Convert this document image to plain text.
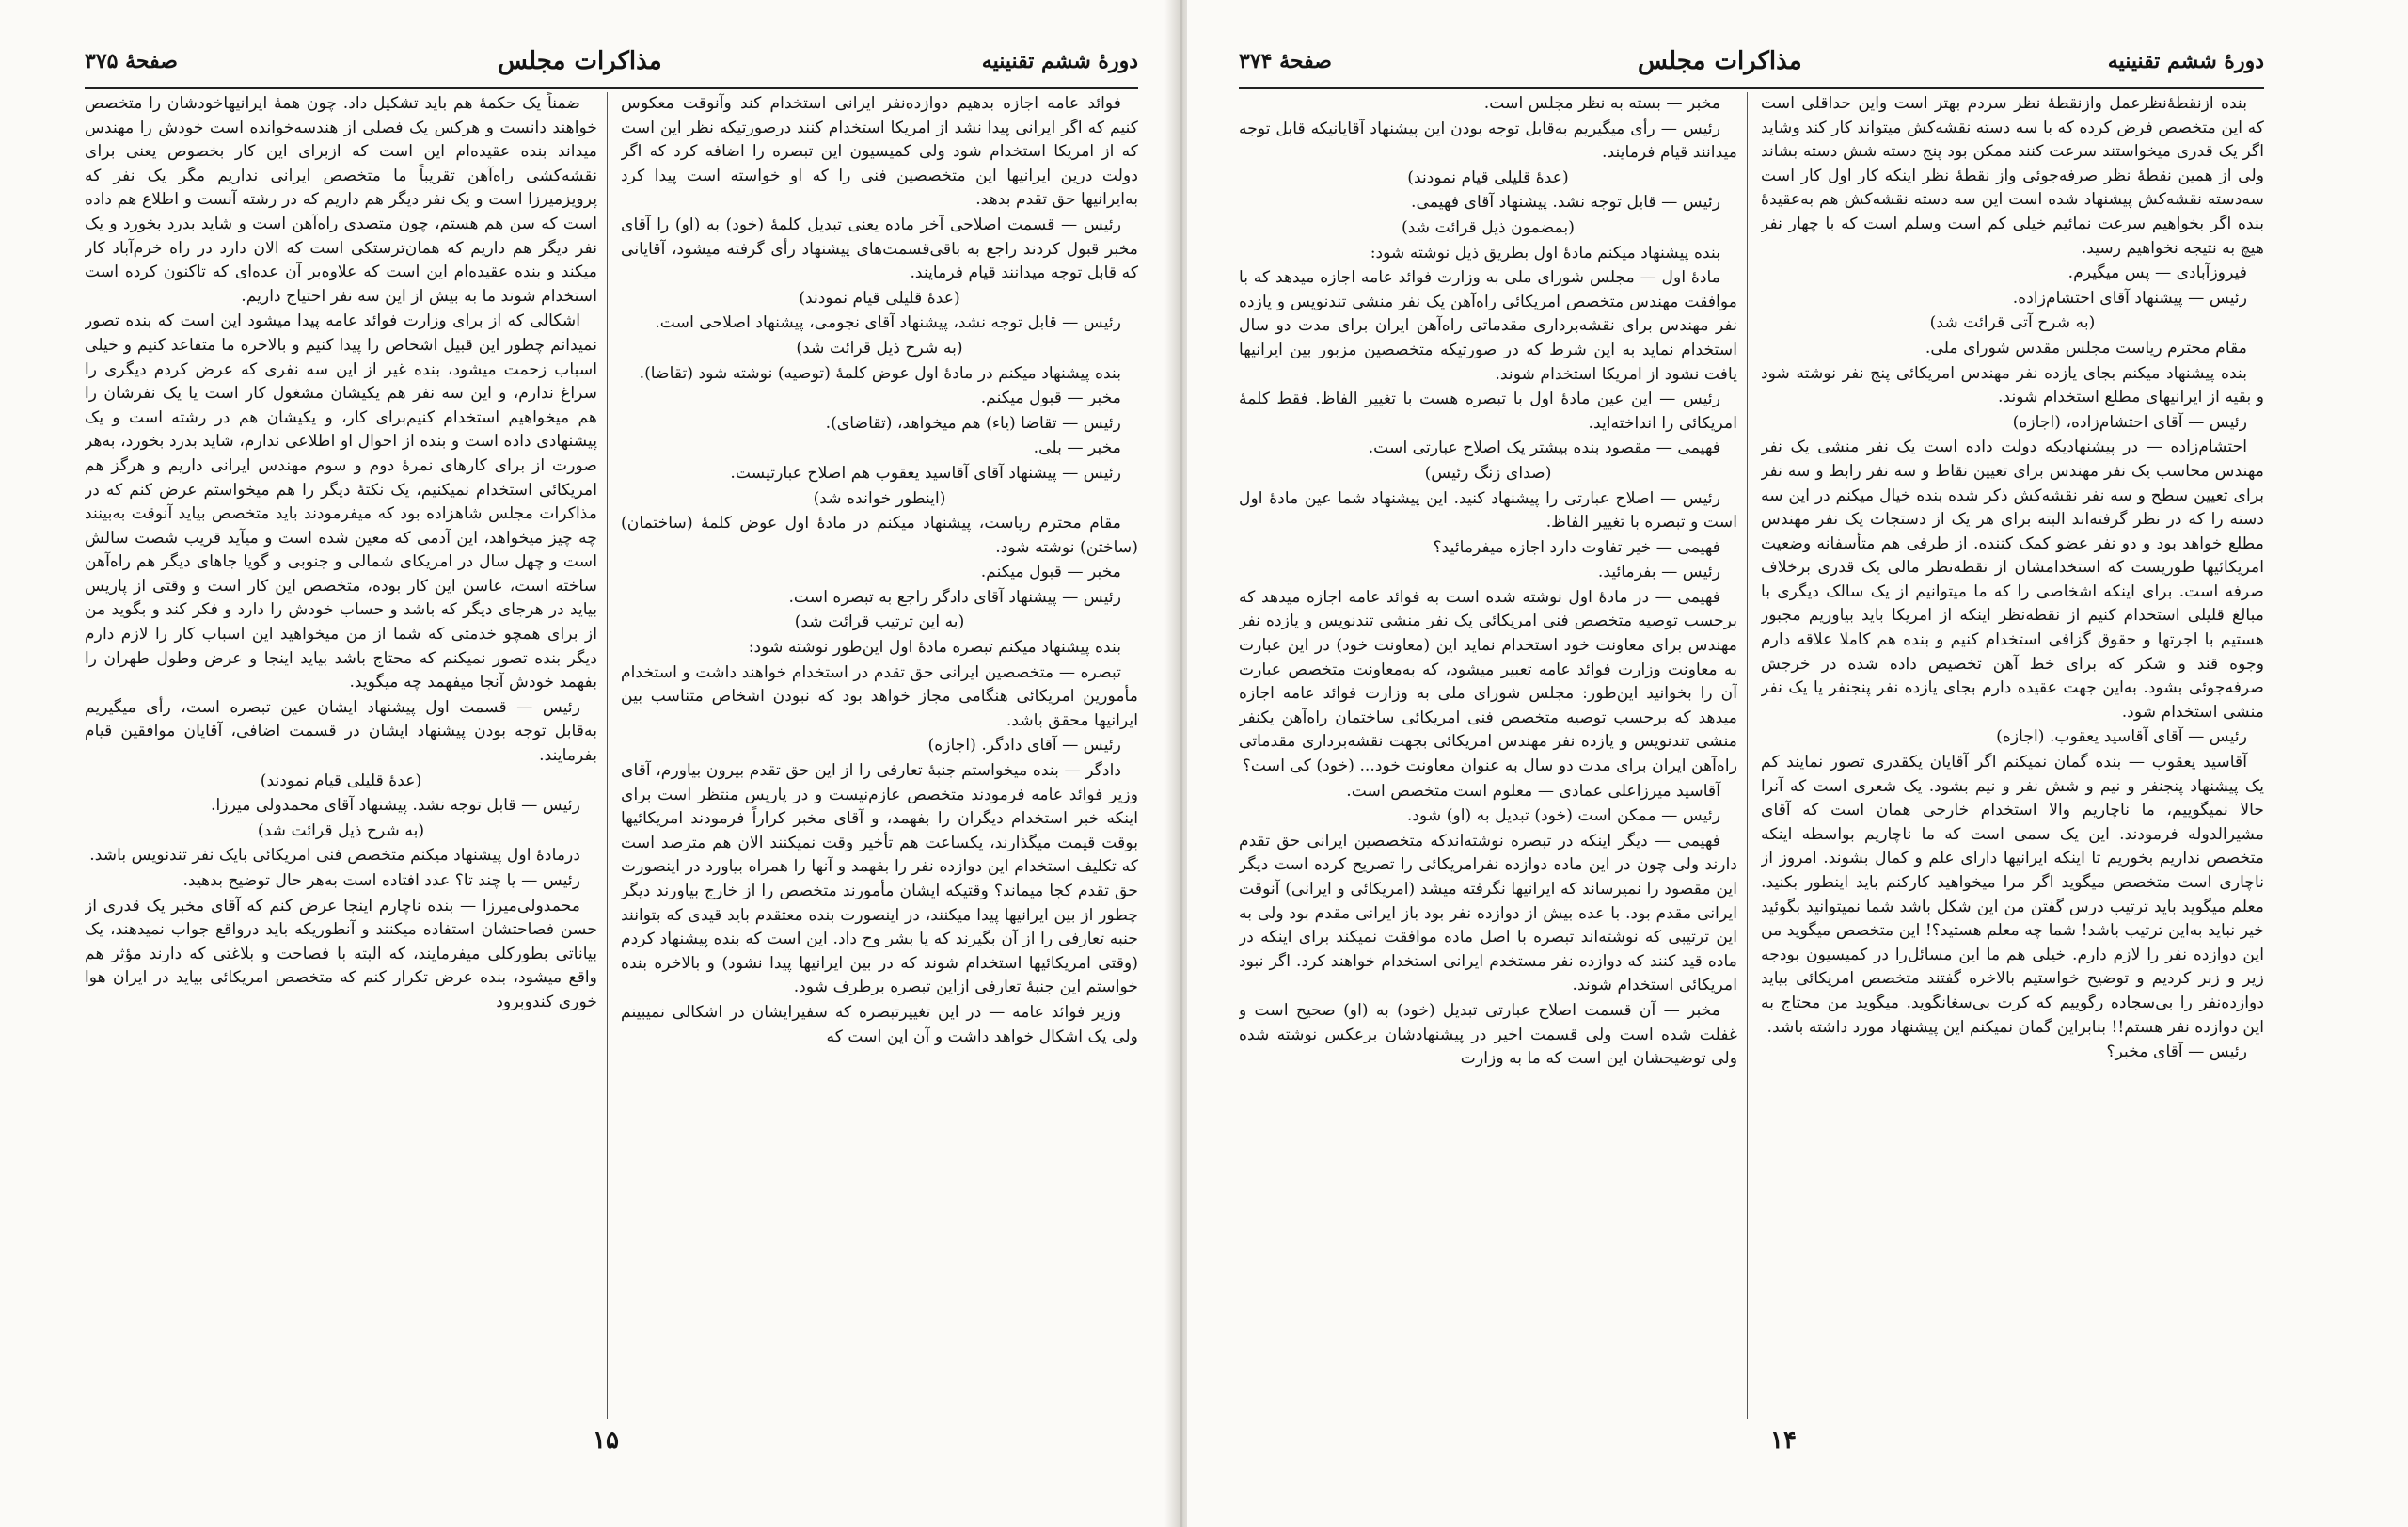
دورهٔ ششم تقنینیه
مذاکرات مجلس
صفحهٔ ۳۷۵

فوائد عامه اجازه بدهیم دوازده‌نفر ایرانی استخدام کند وآنوقت معکوس کنیم که اگر ایرانی پیدا نشد از امریکا استخدام کنند درصورتیکه نظر این است که از امریکا استخدام شود ولی کمیسیون این تبصره را اضافه کرد که اگر دولت درین ایرانیها این متخصصین فنی را که او خواسته است پیدا کرد به‌ایرانیها حق تقدم بدهد.

رئیس — قسمت اصلاحی آخر ماده یعنی تبدیل کلمهٔ (خود) به (او) را آقای مخبر قبول کردند راجع به باقی‌قسمت‌های پیشنهاد رأی گرفته میشود، آقایانی که قابل توجه میدانند قیام فرمایند.

(عدهٔ قلیلی قیام نمودند)

رئیس — قابل توجه نشد، پیشنهاد آقای نجومی، پیشنهاد اصلاحی است.

(به شرح ذیل قرائت شد)

بنده پیشنهاد میکنم در مادهٔ اول عوض کلمهٔ (توصیه) نوشته شود (تقاضا).

مخبر — قبول میکنم.

رئیس — تقاضا (یاء) هم میخواهد، (تقاضای).

مخبر — بلی.

رئیس — پیشنهاد آقای آقاسید یعقوب هم اصلاح عبارتیست.

(اینطور خوانده شد)

مقام محترم ریاست، پیشنهاد میکنم در مادهٔ اول عوض کلمهٔ (ساختمان) (ساختن) نوشته شود.

مخبر — قبول میکنم.

رئیس — پیشنهاد آقای دادگر راجع به تبصره است.

(به این ترتیب قرائت شد)

بنده پیشنهاد میکنم تبصره مادهٔ اول این‌طور نوشته شود:

تبصره — متخصصین ایرانی حق تقدم در استخدام خواهند داشت و استخدام مأمورین امریکائی هنگامی مجاز خواهد بود که نبودن اشخاص متناسب بین ایرانیها محقق باشد.

رئیس — آقای دادگر. (اجازه)

دادگر — بنده میخواستم جنبهٔ تعارفی را از این حق تقدم بیرون بیاورم، آقای وزیر فوائد عامه فرمودند متخصص عازم‌نیست و در پاریس منتظر است برای اینکه خبر استخدام دیگران را بفهمد، و آقای مخبر کراراً فرمودند امریکائیها بوقت قیمت میگذارند، یکساعت هم تأخیر وقت نمیکنند الان هم مترصد است که تکلیف استخدام این دوازده نفر را بفهمد و آنها را همراه بیاورد در اینصورت حق تقدم کجا میماند؟ وقتیکه ایشان مأمورند متخصص را از خارج بیاورند دیگر چطور از بین ایرانیها پیدا میکنند، در اینصورت بنده معتقدم باید قیدی که بتوانند جنبه تعارفی را از آن بگیرند که یا بشر وح داد. این است که بنده پیشنهاد کردم (وقتی امریکائیها استخدام شوند که در بین ایرانیها پیدا نشود) و بالاخره بنده خواستم این جنبهٔ تعارفی ازاین تبصره برطرف شود.

وزیر فوائد عامه — در این تغییرتبصره که سفیرایشان در اشکالی نمیبینم ولی یک اشکال خواهد داشت و آن این است که

ضمناً یک حکمهٔ هم باید تشکیل داد. چون همهٔ ایرانیهاخودشان را متخصص خواهند دانست و هرکس یک فصلی از هندسه‌خوانده است خودش را مهندس میداند بنده عقیده‌ام این است که ازبرای این کار بخصوص یعنی برای نقشه‌کشی راه‌آهن تقریباً ما متخصص ایرانی نداریم مگر یک نفر که پرویزمیرزا است و یک نفر دیگر هم داریم که در رشته آنست و اطلاع هم داده است که سن هم هستم، چون متصدی راه‌آهن است و شاید بدرد بخورد و یک نفر دیگر هم داریم که همان‌ترستکی است که الان دارد در راه خرم‌آباد کار میکند و بنده عقیده‌ام این است که علاوه‌بر آن عده‌ای که تاکنون کرده است استخدام شوند ما به بیش از این سه نفر احتیاج داریم.

اشکالی که از برای وزارت فوائد عامه پیدا میشود این است که بنده تصور نمیدانم چطور این قبیل اشخاص را پیدا کنیم و بالاخره ما متفاعد کنیم و خیلی اسباب زحمت میشود، بنده غیر از این سه نفری که عرض کردم دیگری را سراغ ندارم، و این سه نفر هم یکیشان مشغول کار است یا یک نفرشان را هم میخواهیم استخدام کنیم‌برای کار، و یکیشان هم در رشته است و یک پیشنهادی داده است و بنده از احوال او اطلاعی ندارم، شاید بدرد بخورد، به‌هر صورت از برای کارهای نمرهٔ دوم و سوم مهندس ایرانی داریم و هرگز هم امریکائی استخدام نمیکنیم، یک نکتهٔ دیگر را هم میخواستم عرض کنم که در مذاکرات مجلس شاهزاده بود که میفرمودند باید متخصص بیاید آنوقت به‌بینند چه چیز میخواهد، این آدمی که معین شده است و میآید قریب شصت سالش است و چهل سال در امریکای شمالی و جنوبی و گویا جاهای دیگر هم راه‌آهن ساخته است، عاسن این کار بوده، متخصص این کار است و وقتی از پاریس بیاید در هرجای دیگر که باشد و حساب خودش را دارد و فکر کند و بگوید من از برای همچو خدمتی که شما از من میخواهید این اسباب کار را لازم دارم دیگر بنده تصور نمیکنم که محتاج باشد بیاید اینجا و عرض وطول طهران را بفهمد خودش آنجا میفهمد چه میگوید.

رئیس — قسمت اول پیشنهاد ایشان عین تبصره است، رأی میگیریم به‌قابل توجه بودن پیشنهاد ایشان در قسمت اضافی، آقایان موافقین قیام بفرمایند.

(عدهٔ قلیلی قیام نمودند)

رئیس — قابل توجه نشد. پیشنهاد آقای محمدولی میرزا.

(به شرح ذیل قرائت شد)

درمادهٔ اول پیشنهاد میکنم متخصص فنی امریکائی بایک نفر تندنویس باشد.

رئیس — یا چند تا؟ عدد افتاده است به‌هر حال توضیح بدهید.

محمدولی‌میرزا — بنده ناچارم اینجا عرض کنم که آقای مخبر یک قدری از حسن فصاحتشان استفاده میکنند و آنطوریکه باید درواقع جواب نمیدهند، یک بیاناتی بطورکلی میفرمایند، که البته با فصاحت و بلاغتی که دارند مؤثر هم واقع میشود، بنده عرض تکرار کنم که متخصص امریکائی بیاید در ایران هوا خوری کندوبرود

۱۵
دورهٔ ششم تقنینیه
مذاکرات مجلس
صفحهٔ ۳۷۴

بنده ازنقطهٔ‌نظرعمل وازنقطهٔ نظر سردم بهتر است واین حداقلی است که این متخصص فرض کرده که با سه دسته نقشه‌کش میتواند کار کند وشاید اگر یک قدری میخواستند سرعت کنند ممکن بود پنج دسته شش دسته بشاند ولی از همین نقطهٔ نظر صرفه‌جوئی واز نقطهٔ نظر اینکه کار اول کار است سه‌دسته نقشه‌کش پیشنهاد شده است این سه دسته نقشه‌کش هم به‌عقیدهٔ بنده اگر بخواهیم سرعت نمائیم خیلی کم است وسلم است که با چهار نفر هیچ به نتیجه نخواهیم رسید.

فیروزآبادی — پس میگیرم.

رئیس — پیشنهاد آقای احتشام‌زاده.

(به شرح آتی قرائت شد)

مقام محترم ریاست مجلس مقدس شورای ملی.

بنده پیشنهاد میکنم بجای یازده نفر مهندس امریکائی پنج نفر نوشته شود و بقیه از ایرانیهای مطلع استخدام شوند.

رئیس — آقای احتشام‌زاده، (اجازه)

احتشام‌زاده — در پیشنهادیکه دولت داده است یک نفر منشی یک نفر مهندس محاسب یک نفر مهندس برای تعیین نقاط و سه نفر رابط و سه نفر برای تعیین سطح و سه نفر نقشه‌کش ذکر شده بنده خیال میکنم در این سه دسته را که در نظر گرفته‌اند البته برای هر یک از دستجات یک نفر مهندس مطلع خواهد بود و دو نفر عضو کمک کننده. از طرفی هم متأسفانه وضعیت امریکائیها طوریست که استخدامشان از نقطه‌نظر مالی یک قدری برخلاف صرفه است. برای اینکه اشخاصی را که ما میتوانیم از یک سالک دیگری با مبالغ قلیلی استخدام کنیم از نقطه‌نظر اینکه از امریکا باید بیاوریم مجبور هستیم با اجرتها و حقوق گزافی استخدام کنیم و بنده هم کاملا علاقه دارم وجوه قند و شکر که برای خط آهن تخصیص داده شده در خرجش صرفه‌جوئی بشود. به‌این جهت عقیده دارم بجای یازده نفر پنجنفر یا یک نفر منشی استخدام شود.

رئیس — آقای آقاسید یعقوب. (اجازه)

آقاسید یعقوب — بنده گمان نمیکنم اگر آقایان یکقدری تصور نمایند کم یک پیشنهاد پنجنفر و نیم و شش نفر و نیم بشود. یک شعری است که آنرا حالا نمیگوییم، ما ناچاریم والا استخدام خارجی همان است که آقای مشیرالدوله فرمودند. این یک سمی است که ما ناچاریم بواسطه اینکه متخصص نداریم بخوریم تا اینکه ایرانیها دارای علم و کمال بشوند. امروز از ناچاری است متخصص میگوید اگر مرا میخواهید کارکنم باید اینطور بکنید. معلم میگوید باید ترتیب درس گفتن من این شکل باشد شما نمیتوانید بگوئید خیر نباید به‌این ترتیب باشد! شما چه معلم هستید؟! این متخصص میگوید من این دوازده نفر را لازم دارم. خیلی هم ما این مسائل‌را در کمیسیون بودجه زیر و زبر کردیم و توضیح خواستیم بالاخره گفتند متخصص امریکائی بیاید دوازده‌نفر را بی‌سجاده رگوییم که کرت بی‌سغانگوید. میگوید من محتاج به این دوازده نفر هستم!! بنابراین گمان نمیکنم این پیشنهاد مورد داشته باشد.

رئیس — آقای مخبر؟

مخبر — بسته به نظر مجلس است.

رئیس — رأی میگیریم به‌قابل توجه بودن این پیشنهاد آقایانیکه قابل توجه میدانند قیام فرمایند.

(عدهٔ قلیلی قیام نمودند)

رئیس — قابل توجه نشد. پیشنهاد آقای فهیمی.

(بمضمون ذیل قرائت شد)

بنده پیشنهاد میکنم مادهٔ اول بطریق ذیل نوشته شود:

مادهٔ اول — مجلس شورای ملی به وزارت فوائد عامه اجازه میدهد که با موافقت مهندس متخصص امریکائی راه‌آهن یک نفر منشی تندنویس و یازده نفر مهندس برای نقشه‌برداری مقدماتی راه‌آهن ایران برای مدت دو سال استخدام نماید به این شرط که در صورتیکه متخصصین مزبور بین ایرانیها یافت نشود از امریکا استخدام شوند.

رئیس — این عین مادهٔ اول با تبصره هست با تغییر الفاظ. فقط کلمهٔ امریکائی را انداخته‌اید.

فهیمی — مقصود بنده بیشتر یک اصلاح عبارتی است.

(صدای زنگ رئیس)

رئیس — اصلاح عبارتی را پیشنهاد کنید. این پیشنهاد شما عین مادهٔ اول است و تبصره با تغییر الفاظ.

فهیمی — خیر تفاوت دارد اجازه میفرمائید؟

رئیس — بفرمائید.

فهیمی — در مادهٔ اول نوشته شده است به فوائد عامه اجازه میدهد که برحسب توصیه متخصص فنی امریکائی یک نفر منشی تندنویس و یازده نفر مهندس برای معاونت خود استخدام نماید این (معاونت خود) در این عبارت به معاونت وزارت فوائد عامه تعبیر میشود، که به‌معاونت متخصص عبارت آن را بخوانید این‌طور: مجلس شورای ملی به وزارت فوائد عامه اجازه میدهد که برحسب توصیه متخصص فنی امریکائی ساختمان راه‌آهن یکنفر منشی تندنویس و یازده نفر مهندس امریکائی بجهت نقشه‌برداری مقدماتی راه‌آهن ایران برای مدت دو سال به عنوان معاونت خود... (خود) کی است؟

آقاسید میرزاعلی عمادی — معلوم است متخصص است.

رئیس — ممکن است (خود) تبدیل به (او) شود.

فهیمی — دیگر اینکه در تبصره نوشته‌اندکه متخصصین ایرانی حق تقدم دارند ولی چون در این ماده دوازده نفرامریکائی را تصریح کرده است دیگر این مقصود را نمیرساند که ایرانیها نگرفته میشد (امریکائی و ایرانی) آنوقت ایرانی مقدم بود. با عده بیش از دوازده نفر بود باز ایرانی مقدم بود ولی به این ترتیبی که نوشته‌اند تبصره با اصل ماده موافقت نمیکند برای اینکه در ماده قید کنند که دوازده نفر مستخدم ایرانی استخدام خواهند کرد. اگر نبود امریکائی استخدام شوند.

مخبر — آن قسمت اصلاح عبارتی تبدیل (خود) به (او) صحیح است و غفلت شده است ولی قسمت اخیر در پیشنهادشان برعکس نوشته شده ولی توضیحشان این است که ما به وزارت

۱۴
